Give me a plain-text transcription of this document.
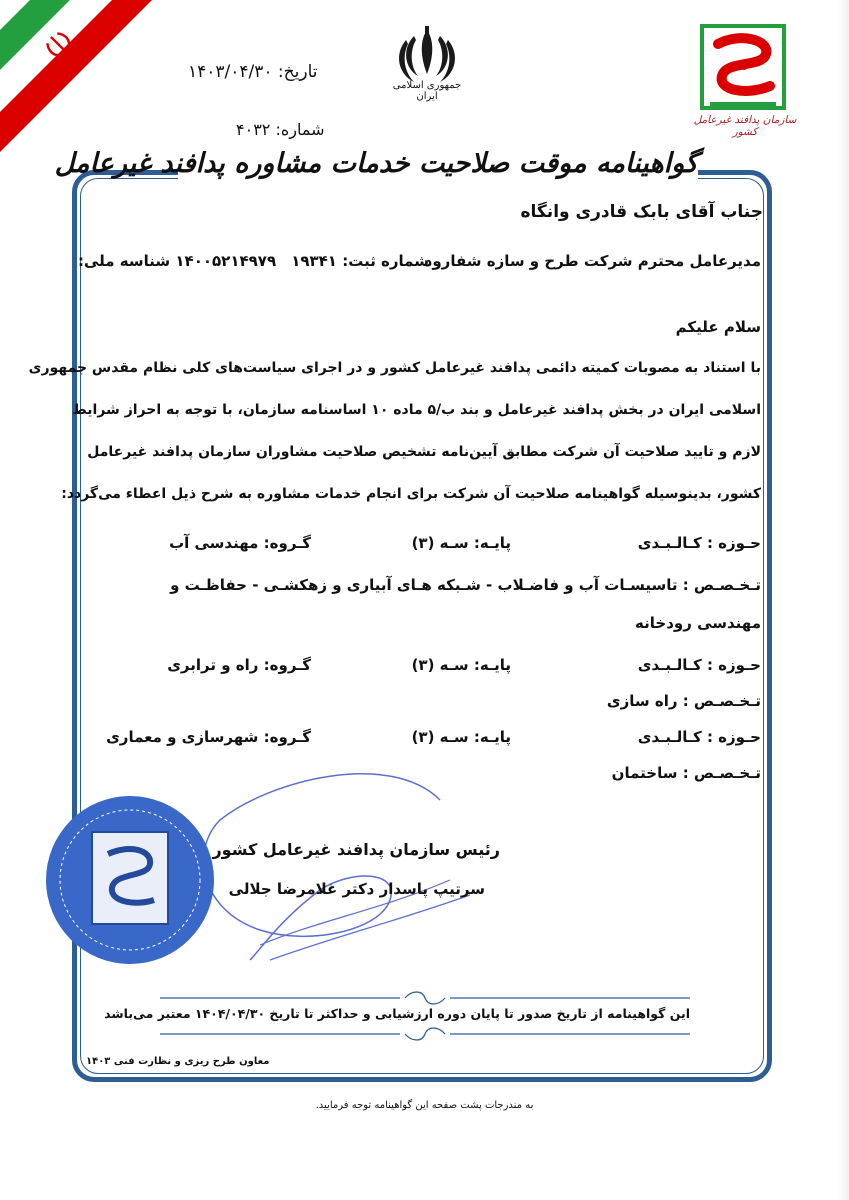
جمهوری اسلامی ایران
سازمان پدافند غیرعامل کشور
تاریخ: ۱۴۰۳/۰۴/۳۰
شماره: ۴۰۳۲
گواهینامه موقت صلاحیت خدمات مشاوره پدافند غیرعامل
جناب آقای بابک قادری وانگاه
مدیرعامل محترم شرکت طرح و سازه شفارود
شماره ثبت: ۱۹۳۴۱
۱۴۰۰۵۲۱۴۹۷۹ شناسه ملی:
سلام علیکم
با استناد به مصوبات کمیته دائمی پدافند غیرعامل کشور و در اجرای سیاست‌های کلی نظام مقدس جمهوری
اسلامی ایران در بخش پدافند غیرعامل و بند ب/۵ ماده ۱۰ اساسنامه سازمان، با توجه به احراز شرایط
لازم و تایید صلاحیت آن شرکت مطابق آیین‌نامه تشخیص صلاحیت مشاوران سازمان پدافند غیرعامل
کشور، بدینوسیله گواهینامه صلاحیت آن شرکت برای انجام خدمات مشاوره به شرح ذیل اعطاء می‌گردد:
حـوزه : کـالـبـدی
پایـه: سـه (۳)
گـروه: مهندسی آب
تـخـصـص : تاسیسـات آب و فاضـلاب - شـبکه هـای آبیاری و زهکشـی - حفاظـت و
مهندسی رودخانه
حـوزه : کـالـبـدی
پایـه: سـه (۳)
گـروه: راه و ترابری
تـخـصـص : راه سازی
حـوزه : کـالـبـدی
پایـه: سـه (۳)
گـروه: شهرسازی و معماری
تـخـصـص : ساختمان
رئیس سازمان پدافند غیرعامل کشور
سرتیپ پاسدار دکتر غلامرضا جلالی
این گواهینامه از تاریخ صدور تا پایان دوره ارزشیابی و حداکثر تا تاریخ ۱۴۰۴/۰۴/۳۰ معتبر می‌باشد
معاون طرح ریزی و نظارت فنی ۱۴۰۳
به مندرجات پشت صفحه این گواهینامه توجه فرمایید.
